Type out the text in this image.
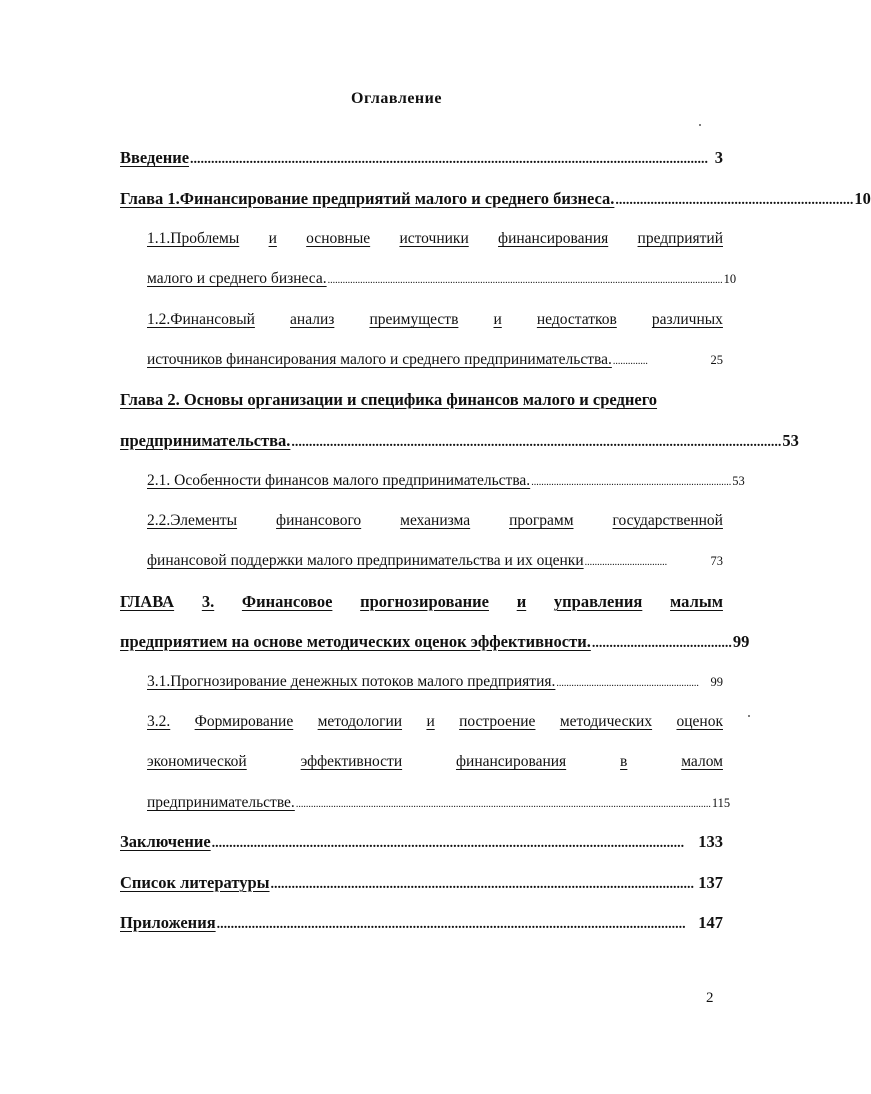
Оглавление
Введение .................................................................................................................................................... 3
Глава 1.Финансирование предприятий малого и среднего бизнеса. .................................................................... 10
1.1.Проблемы и основные источники финансирования предприятий
малого и среднего бизнеса. .............................................................................................................................................................. 10
1.2.Финансовый анализ преимуществ и недостатков различных
источников финансирования малого и среднего предпринимательства. ..............	25
Глава 2. Основы организации и специфика финансов малого и среднего
предпринимательства. ............................................................................................................................................ 53
2.1. Особенности финансов малого предпринимательства. ................................................................................ 53
2.2.Элементы	финансового	механизма	программ	государственной
финансовой поддержки малого предпринимательства и их оценки .................................	73
ГЛАВА 3. Финансовое прогнозирование и управления малым
предприятием на основе методических оценок эффективности. ........................................ 99
3.1.Прогнозирование денежных потоков малого предприятия. ......................................................... 99
3.2. Формирование методологии и построение методических оценок
экономической	эффективности	финансирования	в	малом
предпринимательстве. ...................................................................................................................................................................... 115
Заключение ....................................................................................................................................... 133
Список литературы ......................................................................................................................... 137
Приложения ...................................................................................................................................... 147
2
